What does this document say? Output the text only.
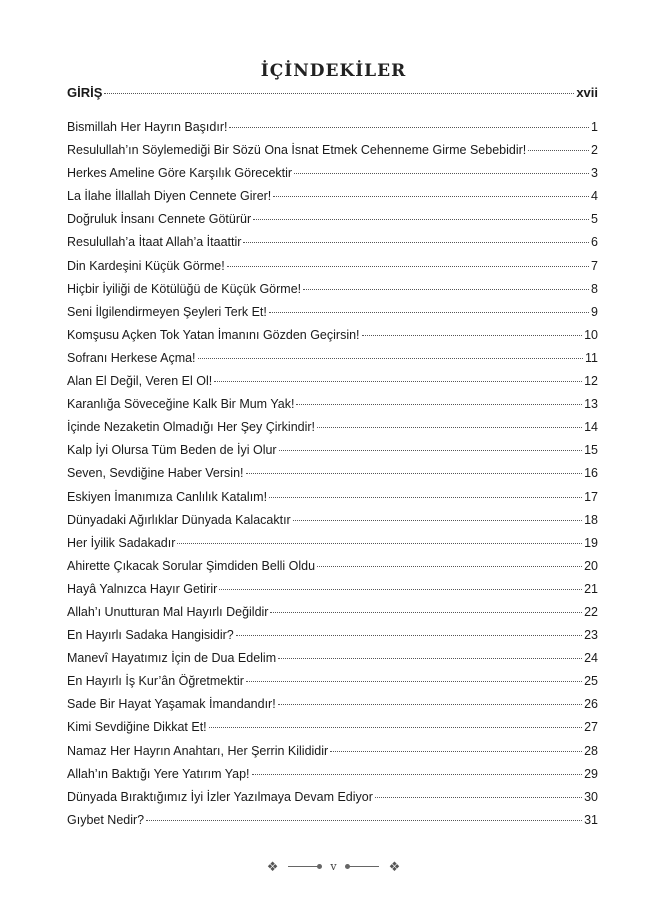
İÇİNDEKİLER
GİRİŞ	xvii
Bismillah Her Hayrın Başıdır!	1
Resulullah’ın Söylemediği Bir Sözü Ona İsnat Etmek Cehenneme Girme Sebebidir!	2
Herkes Ameline Göre Karşılık Görecektir	3
La İlahe İllallah Diyen Cennete Girer!	4
Doğruluk İnsanı Cennete Götürür	5
Resulullah’a İtaat Allah’a İtaattir	6
Din Kardeşini Küçük Görme!	7
Hiçbir İyiliği de Kötülüğü de Küçük Görme!	8
Seni İlgilendirmeyen Şeyleri Terk Et!	9
Komşusu Açken Tok Yatan İmanını Gözden Geçirsin!	10
Sofranı Herkese Açma!	11
Alan El Değil, Veren El Ol!	12
Karanlığa Söveceğine Kalk Bir Mum Yak!	13
İçinde Nezaketin Olmadığı Her Şey Çirkindir!	14
Kalp İyi Olursa Tüm Beden de İyi Olur	15
Seven, Sevdiğine Haber Versin!	16
Eskiyen İmanımıza Canlılık Katalım!	17
Dünyadaki Ağırlıklar Dünyada Kalacaktır	18
Her İyilik Sadakadır	19
Ahirette Çıkacak Sorular Şimdiden Belli Oldu	20
Hayâ Yalnızca Hayır Getirir	21
Allah’ı Unutturan Mal Hayırlı Değildir	22
En Hayırlı Sadaka Hangisidir?	23
Manevî Hayatımız İçin de Dua Edelim	24
En Hayırlı İş Kur’ân Öğretmektir	25
Sade Bir Hayat Yaşamak İmandandır!	26
Kimi Sevdiğine Dikkat Et!	27
Namaz Her Hayrın Anahtarı, Her Şerrin Kilididir	28
Allah’ın Baktığı Yere Yatırım Yap!	29
Dünyada Bıraktığımız İyi İzler Yazılmaya Devam Ediyor	30
Gıybet Nedir?	31
❖	v	❖
